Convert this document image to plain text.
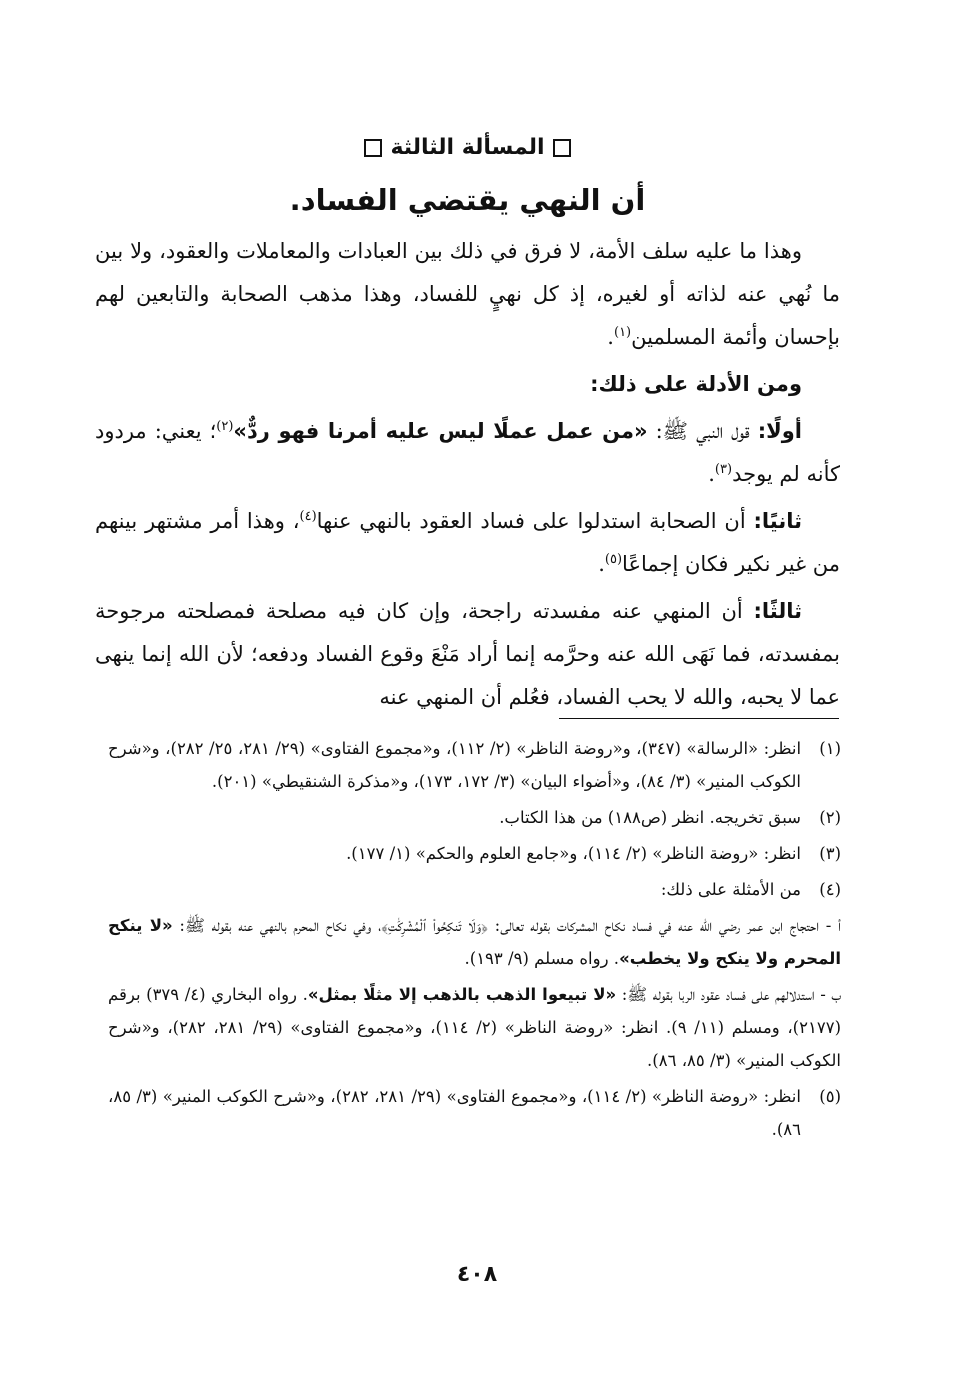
المسألة الثالثة
أن النهي يقتضي الفساد.

وهذا ما عليه سلف الأمة، لا فرق في ذلك بين العبادات والمعاملات والعقود، ولا بين ما نُهي عنه لذاته أو لغيره، إذ كل نهيٍ للفساد، وهذا مذهب الصحابة والتابعين لهم بإحسان وأئمة المسلمين$^{(١)}$.

ومن الأدلة على ذلك:

أولًا: قول النبي ﷺ: «من عمل عملًا ليس عليه أمرنا فهو ردٌّ»$^{(٢)}$؛ يعني: مردود كأنه لم يوجد$^{(٣)}$.

ثانيًا: أن الصحابة استدلوا على فساد العقود بالنهي عنها$^{(٤)}$، وهذا أمر مشتهر بينهم من غير نكير فكان إجماعًا$^{(٥)}$.

ثالثًا: أن المنهي عنه مفسدته راجحة، وإن كان فيه مصلحة فمصلحته مرجوحة بمفسدته، فما نَهَى الله عنه وحرَّمه إنما أراد مَنْعَ وقوع الفساد ودفعه؛ لأن الله إنما ينهى عما لا يحبه، والله لا يحب الفساد، فعُلم أن المنهي عنه

(١)
انظر: «الرسالة» (٣٤٧)، و«روضة الناظر» (٢/ ١١٢)، و«مجموع الفتاوى» (٢٩/ ٢٨١، ٢٥/ ٢٨٢)، و«شرح الكوكب المنير» (٣/ ٨٤)، و«أضواء البيان» (٣/ ١٧٢، ١٧٣)، و«مذكرة الشنقيطي» (٢٠١).
(٢)
سبق تخريجه. انظر (ص١٨٨) من هذا الكتاب.
(٣)
انظر: «روضة الناظر» (٢/ ١١٤)، و«جامع العلوم والحكم» (١/ ١٧٧).
(٤)
من الأمثلة على ذلك:

أ - احتجاج ابن عمر رضي الله عنه في فساد نكاح المشركات بقوله تعالى: ﴿وَلَا تَنكِحُوا۟ ٱلْمُشْرِكَٰتِ﴾، وفي نكاح المحرم بالنهي عنه بقوله ﷺ: «لا ينكح المحرم ولا ينكح ولا يخطب». رواه مسلم (٩/ ١٩٣).

ب - استدلالهم على فساد عقود الربا بقوله ﷺ: «لا تبيعوا الذهب بالذهب إلا مثلًا بمثل». رواه البخاري (٤/ ٣٧٩) برقم (٢١٧٧)، ومسلم (١١/ ٩). انظر: «روضة الناظر» (٢/ ١١٤)، و«مجموع الفتاوى» (٢٩/ ٢٨١، ٢٨٢)، و«شرح الكوكب المنير» (٣/ ٨٥، ٨٦).

(٥)
انظر: «روضة الناظر» (٢/ ١١٤)، و«مجموع الفتاوى» (٢٩/ ٢٨١، ٢٨٢)، و«شرح الكوكب المنير» (٣/ ٨٥، ٨٦).
٤٠٨
